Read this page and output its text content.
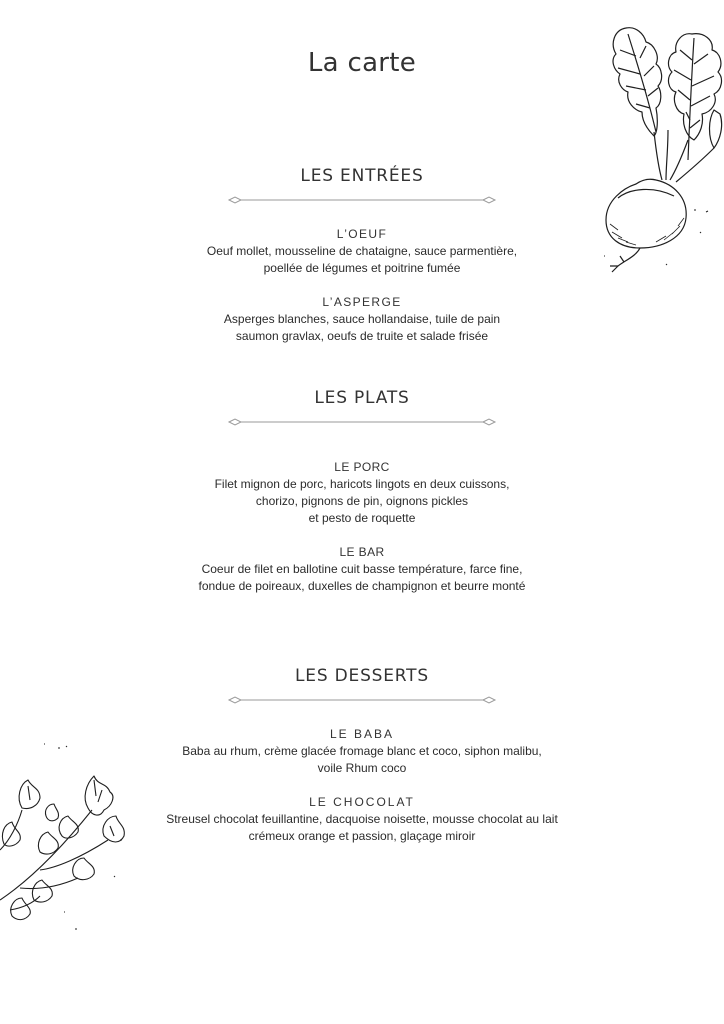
La carte
LES ENTRÉES
L’OEUF
Oeuf mollet, mousseline de chataigne, sauce parmentière,
poellée de légumes et poitrine fumée
L’ASPERGE
Asperges blanches, sauce hollandaise, tuile de pain
saumon gravlax, oeufs de truite et salade frisée
LES PLATS
LE PORC
Filet mignon de porc, haricots lingots en deux cuissons,
chorizo, pignons de pin, oignons pickles
et pesto de roquette
LE BAR
Coeur de filet en ballotine cuit basse température, farce fine,
fondue de poireaux, duxelles de champignon et beurre monté
LES DESSERTS
LE BABA
Baba au rhum, crème glacée fromage blanc et coco, siphon malibu,
voile Rhum coco
LE CHOCOLAT
Streusel chocolat feuillantine, dacquoise noisette, mousse chocolat au lait
crémeux orange et passion, glaçage miroir
